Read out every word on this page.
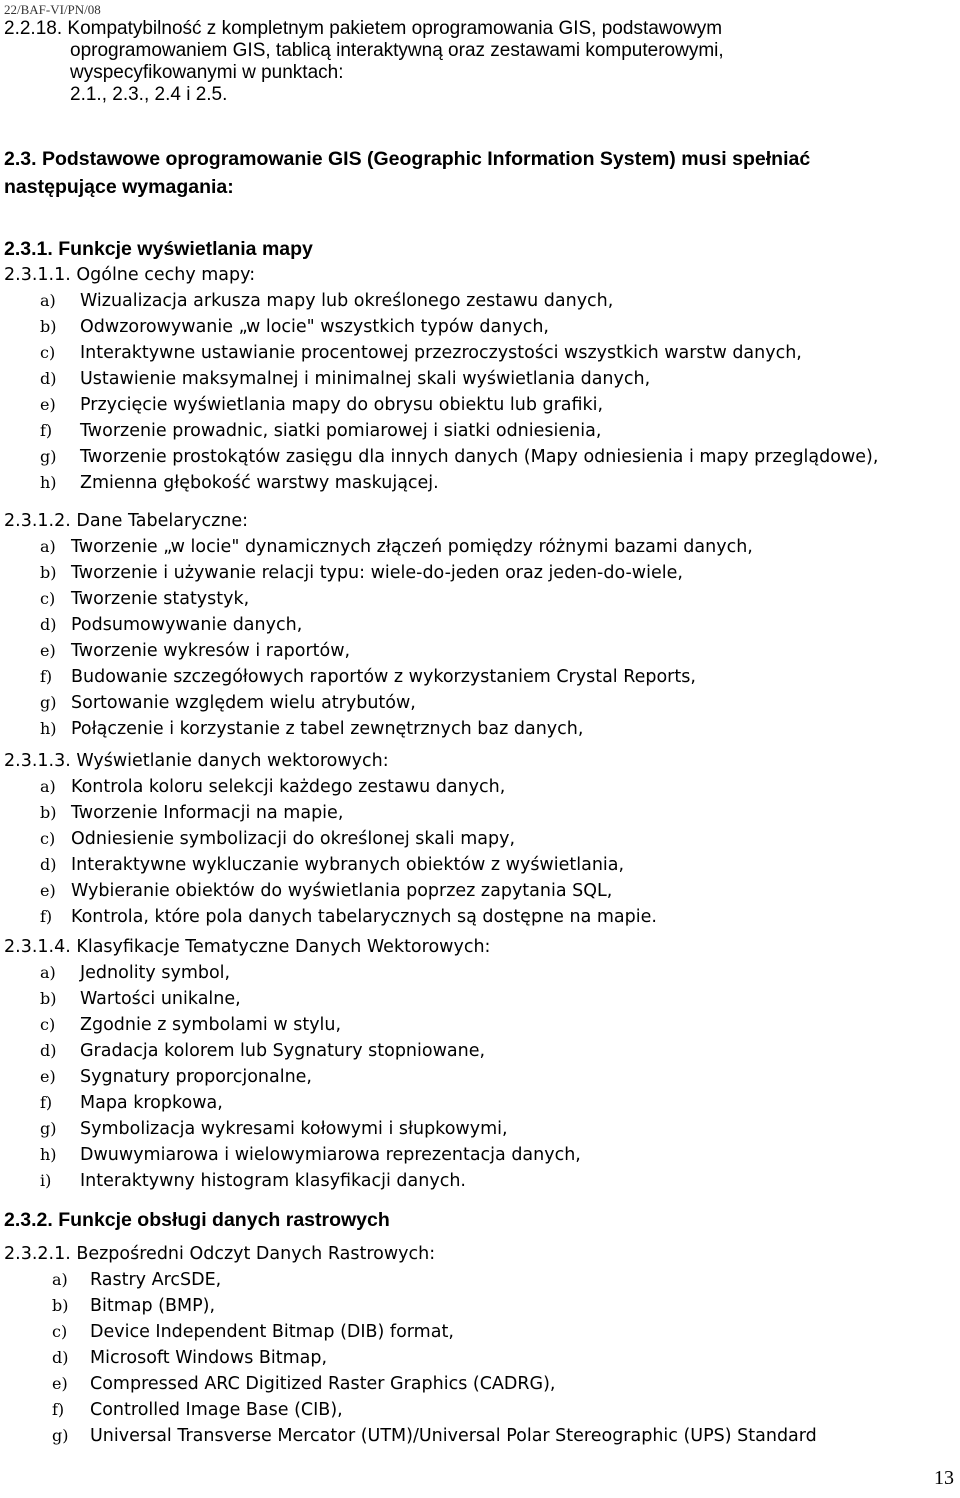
22/BAF-VI/PN/08
2.2.18. Kompatybilność z kompletnym pakietem oprogramowania GIS, podstawowym
oprogramowaniem GIS, tablicą interaktywną oraz zestawami komputerowymi,
wyspecyfikowanymi w punktach:
2.1., 2.3., 2.4 i 2.5.
2.3. Podstawowe oprogramowanie GIS (Geographic Information System) musi spełniać
następujące wymagania:
2.3.1. Funkcje wyświetlania mapy
2.3.1.1. Ogólne cechy mapy:
a) Wizualizacja arkusza mapy lub określonego zestawu danych,
b) Odwzorowywanie „w locie" wszystkich typów danych,
c) Interaktywne ustawianie procentowej przezroczystości wszystkich warstw danych,
d) Ustawienie maksymalnej i minimalnej skali wyświetlania danych,
e) Przycięcie wyświetlania mapy do obrysu obiektu lub grafiki,
f) Tworzenie prowadnic, siatki pomiarowej i siatki odniesienia,
g) Tworzenie prostokątów zasięgu dla innych danych (Mapy odniesienia i mapy przeglądowe),
h) Zmienna głębokość warstwy maskującej.
2.3.1.2. Dane Tabelaryczne:
a) Tworzenie „w locie" dynamicznych złączeń pomiędzy różnymi bazami danych,
b) Tworzenie i używanie relacji typu: wiele-do-jeden oraz jeden-do-wiele,
c) Tworzenie statystyk,
d) Podsumowywanie danych,
e) Tworzenie wykresów i raportów,
f) Budowanie szczegółowych raportów z wykorzystaniem Crystal Reports,
g) Sortowanie względem wielu atrybutów,
h) Połączenie i korzystanie z tabel zewnętrznych baz danych,
2.3.1.3. Wyświetlanie danych wektorowych:
a) Kontrola koloru selekcji każdego zestawu danych,
b) Tworzenie Informacji na mapie,
c) Odniesienie symbolizacji do określonej skali mapy,
d) Interaktywne wykluczanie wybranych obiektów z wyświetlania,
e) Wybieranie obiektów do wyświetlania poprzez zapytania SQL,
f) Kontrola, które pola danych tabelarycznych są dostępne na mapie.
2.3.1.4. Klasyfikacje Tematyczne Danych Wektorowych:
a) Jednolity symbol,
b) Wartości unikalne,
c) Zgodnie z symbolami w stylu,
d) Gradacja kolorem lub Sygnatury stopniowane,
e) Sygnatury proporcjonalne,
f) Mapa kropkowa,
g) Symbolizacja wykresami kołowymi i słupkowymi,
h) Dwuwymiarowa i wielowymiarowa reprezentacja danych,
i) Interaktywny histogram klasyfikacji danych.
2.3.2. Funkcje obsługi danych rastrowych
2.3.2.1. Bezpośredni Odczyt Danych Rastrowych:
a) Rastry ArcSDE,
b) Bitmap (BMP),
c) Device Independent Bitmap (DIB) format,
d) Microsoft Windows Bitmap,
e) Compressed ARC Digitized Raster Graphics (CADRG),
f) Controlled Image Base (CIB),
g) Universal Transverse Mercator (UTM)/Universal Polar Stereographic (UPS) Standard
13
